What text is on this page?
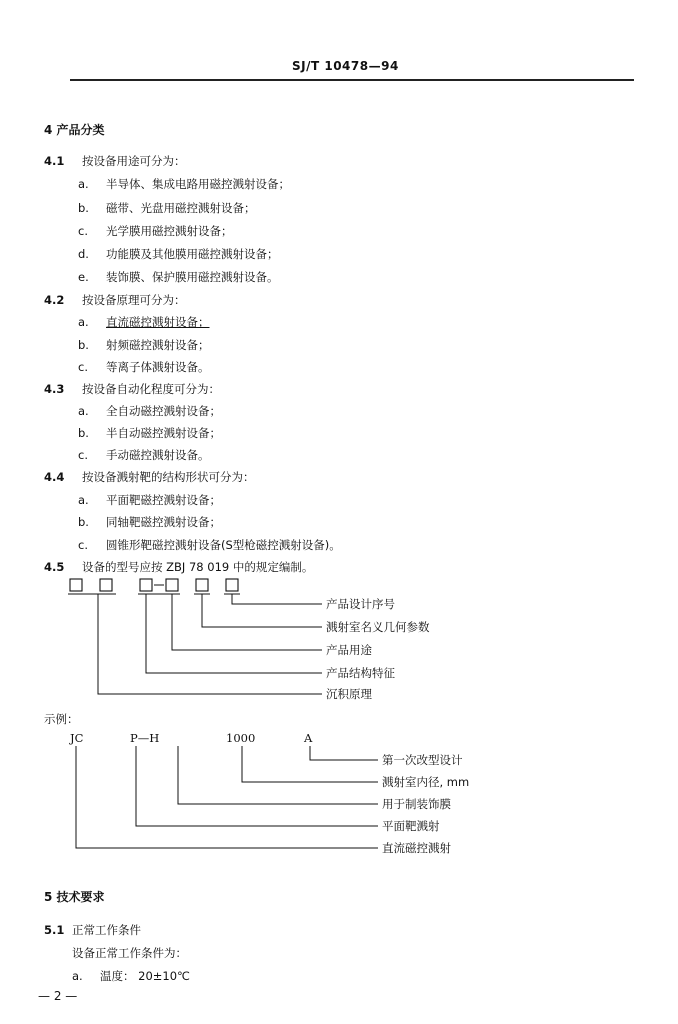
SJ/T 10478—94
4 产品分类
4.1 按设备用途可分为：
a. 半导体、集成电路用磁控溅射设备；
b. 磁带、光盘用磁控溅射设备；
c. 光学膜用磁控溅射设备；
d. 功能膜及其他膜用磁控溅射设备；
e. 装饰膜、保护膜用磁控溅射设备。
4.2 按设备原理可分为：
a. 直流磁控溅射设备；
b. 射频磁控溅射设备；
c. 等离子体溅射设备。
4.3 按设备自动化程度可分为：
a. 全自动磁控溅射设备；
b. 半自动磁控溅射设备；
c. 手动磁控溅射设备。
4.4 按设备溅射靶的结构形状可分为：
a. 平面靶磁控溅射设备；
b. 同轴靶磁控溅射设备；
c. 圆锥形靶磁控溅射设备(S型枪磁控溅射设备)。
4.5 设备的型号应按 ZBJ 78 019 中的规定编制。
产品设计序号
溅射室名义几何参数
产品用途
产品结构特征
沉积原理
示例：
JC	P—H	1000	A
第一次改型设计
溅射室内径, mm
用于制装饰膜
平面靶溅射
直流磁控溅射
5 技术要求
5.1 正常工作条件
设备正常工作条件为：
a. 温度： 20±10℃
— 2 —
